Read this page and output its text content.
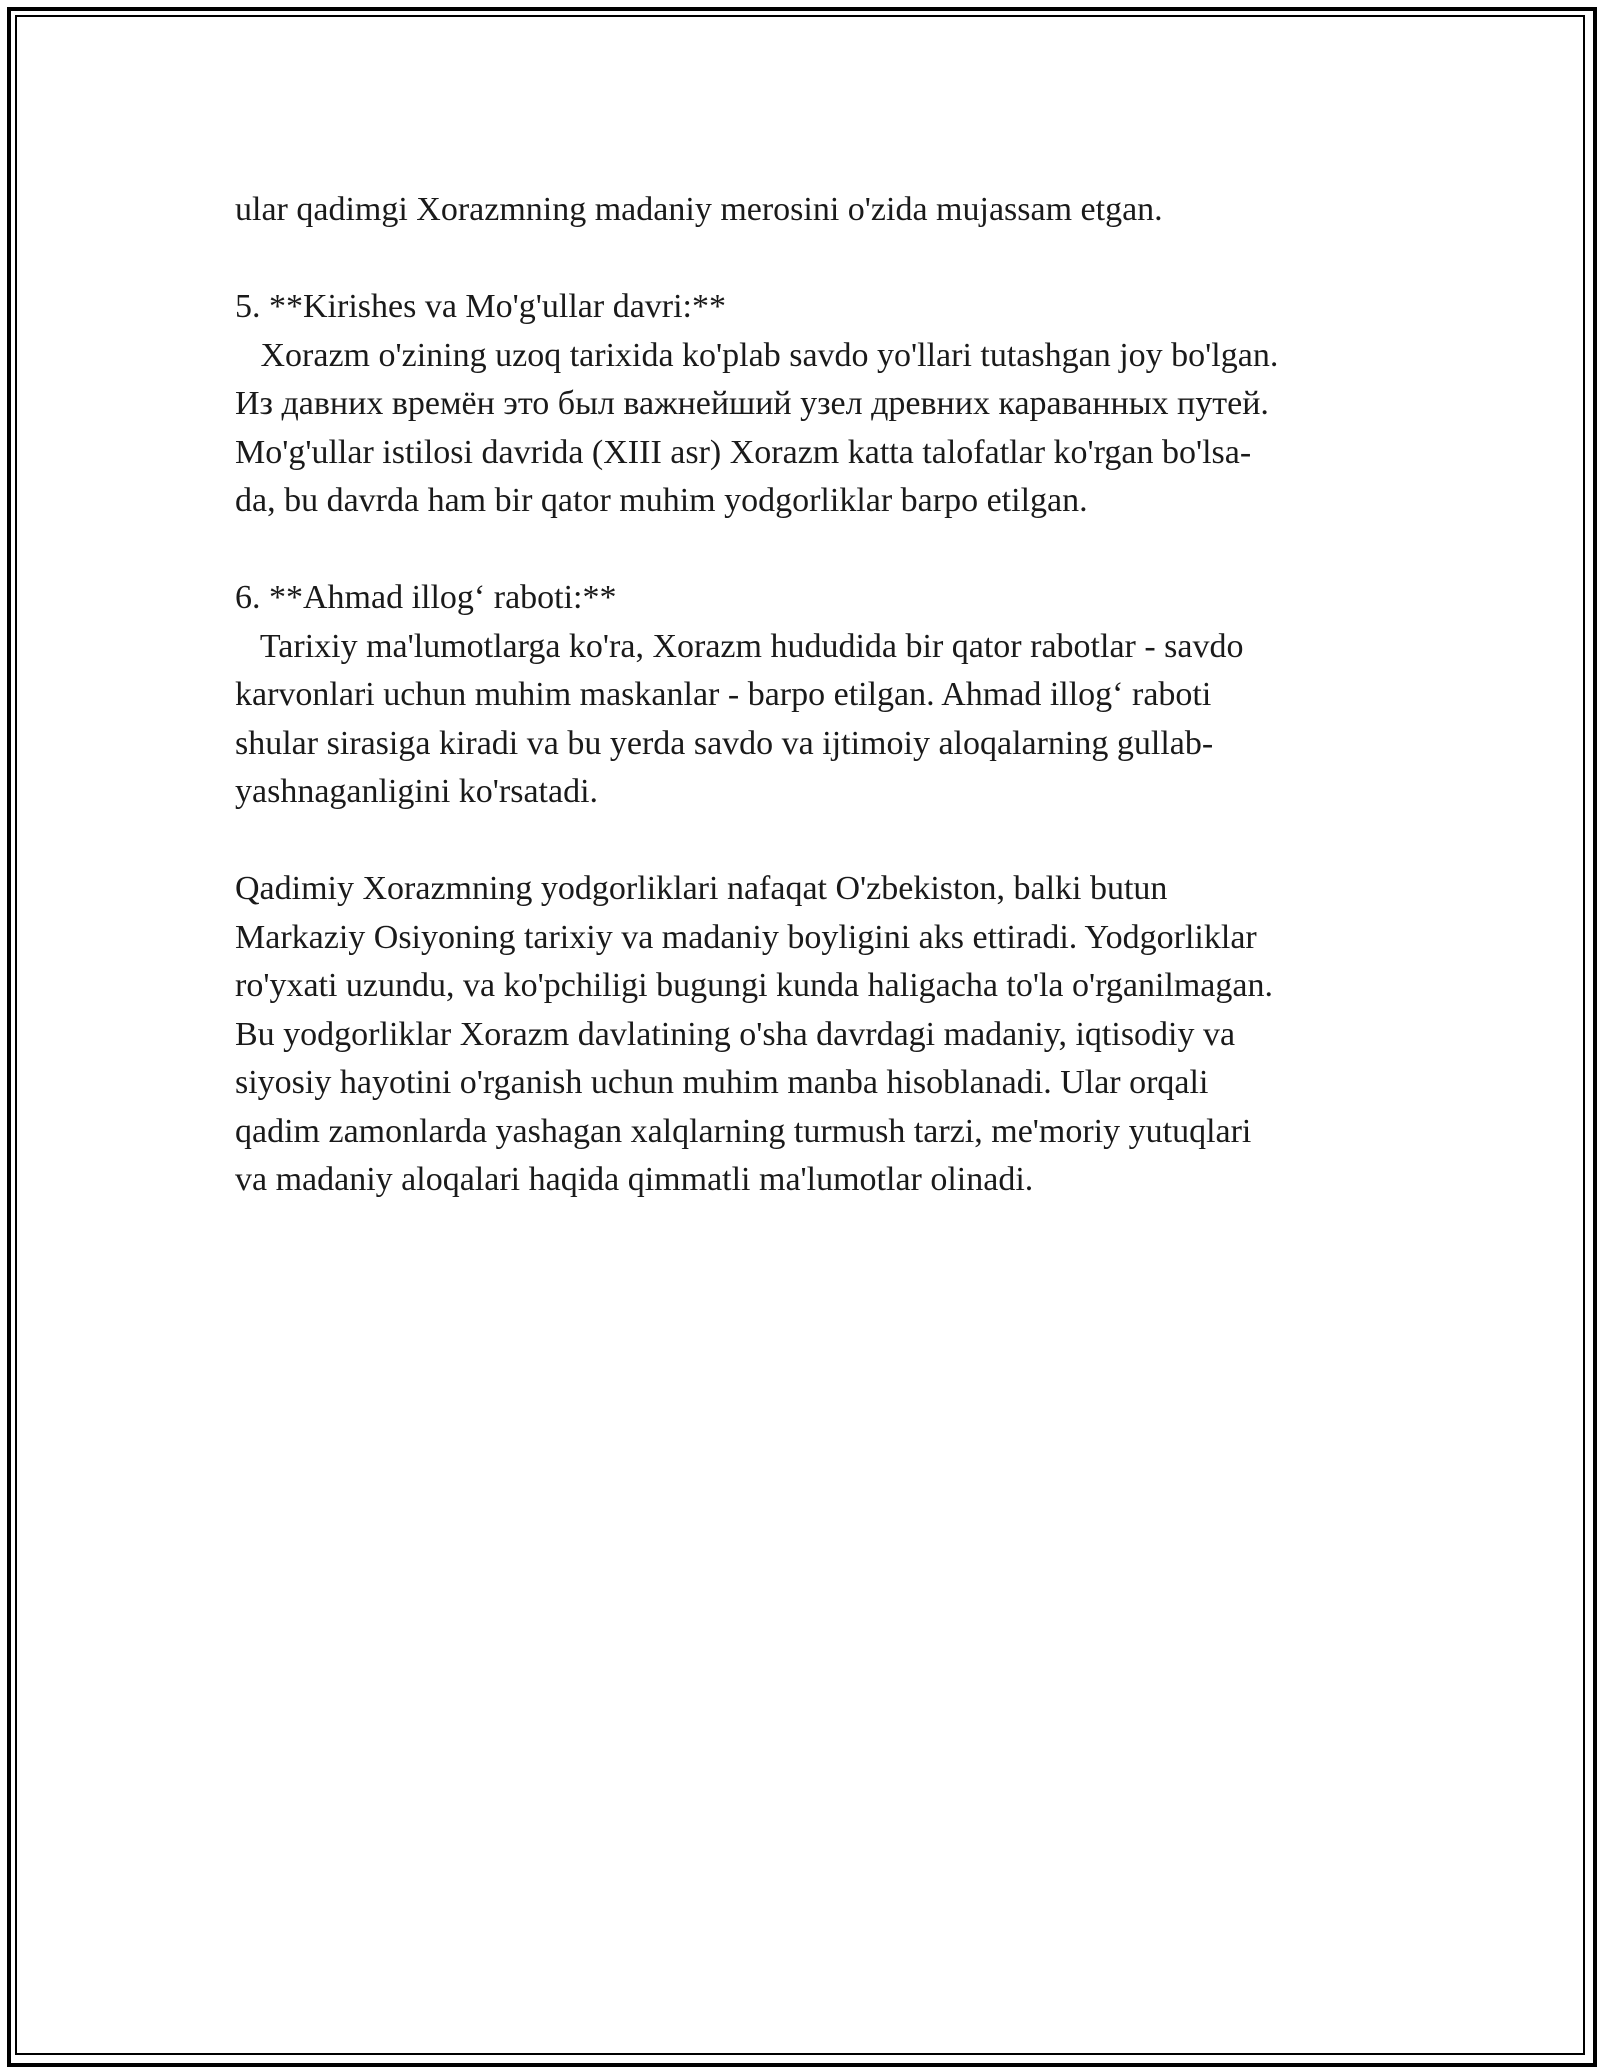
ular qadimgi Xorazmning madaniy merosini o'zida mujassam etgan.
5. **Kirishes va Mo'g'ullar davri:**
Xorazm o'zining uzoq tarixida ko'plab savdo yo'llari tutashgan joy bo'lgan.
Из давних времён это был важнейший узел древних караванных путей.
Mo'g'ullar istilosi davrida (XIII asr) Xorazm katta talofatlar ko'rgan bo'lsa-
da, bu davrda ham bir qator muhim yodgorliklar barpo etilgan.
6. **Ahmad illog‘ raboti:**
Tarixiy ma'lumotlarga ko'ra, Xorazm hududida bir qator rabotlar - savdo
karvonlari uchun muhim maskanlar - barpo etilgan. Ahmad illog‘ raboti
shular sirasiga kiradi va bu yerda savdo va ijtimoiy aloqalarning gullab-
yashnaganligini ko'rsatadi.
Qadimiy Xorazmning yodgorliklari nafaqat O'zbekiston, balki butun
Markaziy Osiyoning tarixiy va madaniy boyligini aks ettiradi. Yodgorliklar
ro'yxati uzundu, va ko'pchiligi bugungi kunda haligacha to'la o'rganilmagan.
Bu yodgorliklar Xorazm davlatining o'sha davrdagi madaniy, iqtisodiy va
siyosiy hayotini o'rganish uchun muhim manba hisoblanadi. Ular orqali
qadim zamonlarda yashagan xalqlarning turmush tarzi, me'moriy yutuqlari
va madaniy aloqalari haqida qimmatli ma'lumotlar olinadi.
